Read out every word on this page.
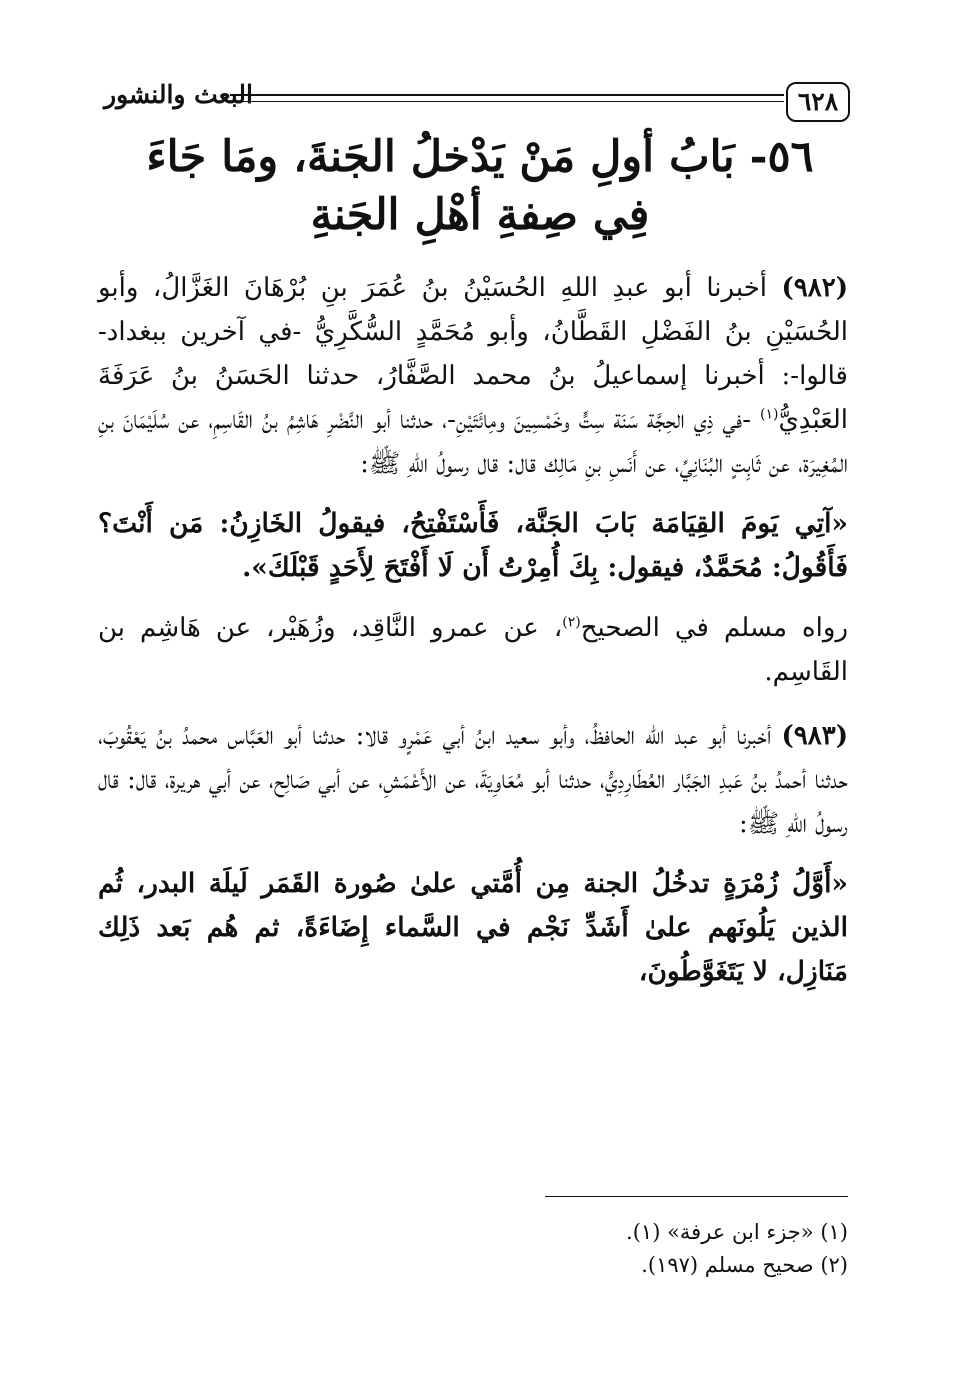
٦٢٨
البعث والنشور
٥٦- بَابُ أولِ مَنْ يَدْخلُ الجَنةَ، ومَا جَاءَ
فِي صِفةِ أهْلِ الجَنةِ

(٩٨٢) أخبرنا أبو عبدِ اللهِ الحُسَيْنُ بنُ عُمَرَ بنِ بُرْهَانَ الغَزَّالُ، وأبو الحُسَيْنِ بنُ الفَضْلِ القَطَّانُ، وأبو مُحَمَّدٍ السُّكَّرِيُّ -في آخرين ببغداد- قالوا-: أخبرنا إسماعيلُ بنُ محمد الصَّفَّارُ، حدثنا الحَسَنُ بنُ عَرَفَةَ العَبْدِيُّ$^{(١)}$ -في ذِي الحِجَّة سَنَة سِتٍّ وخَمْسِينَ ومِائَتَيْنِ-، حدثنا أبو النَّضْرِ هَاشِمُ بنُ القَاسِمِ، عن سُلَيْمَانَ بنِ المُغِيرَة، عن ثَابِتٍ البُنَانِيِّ، عن أَنَسِ بنِ مَالِك قال: قال رسولُ اللهِ ﷺ:

«آتِي يَومَ القِيَامَة بَابَ الجَنَّة، فَأَسْتَفْتِحُ، فيقولُ الخَازِنُ: مَن أَنْتَ؟ فَأَقُولُ: مُحَمَّدٌ، فيقول: بِكَ أُمِرْتُ أَن لَا أَفْتَحَ لِأَحَدٍ قَبْلَكَ».

رواه مسلم في الصحيح$^{(٢)}$، عن عمرو النَّاقِد، وزُهَيْر، عن هَاشِم بن القَاسِم.

(٩٨٣) أخبرنا أبو عبد الله الحافظُ، وأبو سعيد ابنُ أبي عَمْرٍو قالا: حدثنا أبو العَبَّاس محمدُ بنُ يَعْقُوبَ، حدثنا أحمدُ بنُ عَبدِ الجَبَّار العُطَارِدِيُّ، حدثنا أبو مُعَاوِيَةَ، عن الأَعْمَشِ، عن أبي صَالِح، عن أبي هريرة، قال: قال رسولُ اللهِ ﷺ:

«أَوَّلُ زُمْرَةٍ تدخُلُ الجنة مِن أُمَّتي علىٰ صُورة القَمَر لَيلَة البدر، ثُم الذين يَلُونَهم علىٰ أَشَدِّ نَجْم في السَّماء إِضَاءَةً، ثم هُم بَعد ذَلِك مَنَازِل، لا يَتَغَوَّطُونَ،

(١) «جزء ابن عرفة» (١).

(٢) صحيح مسلم (١٩٧).
